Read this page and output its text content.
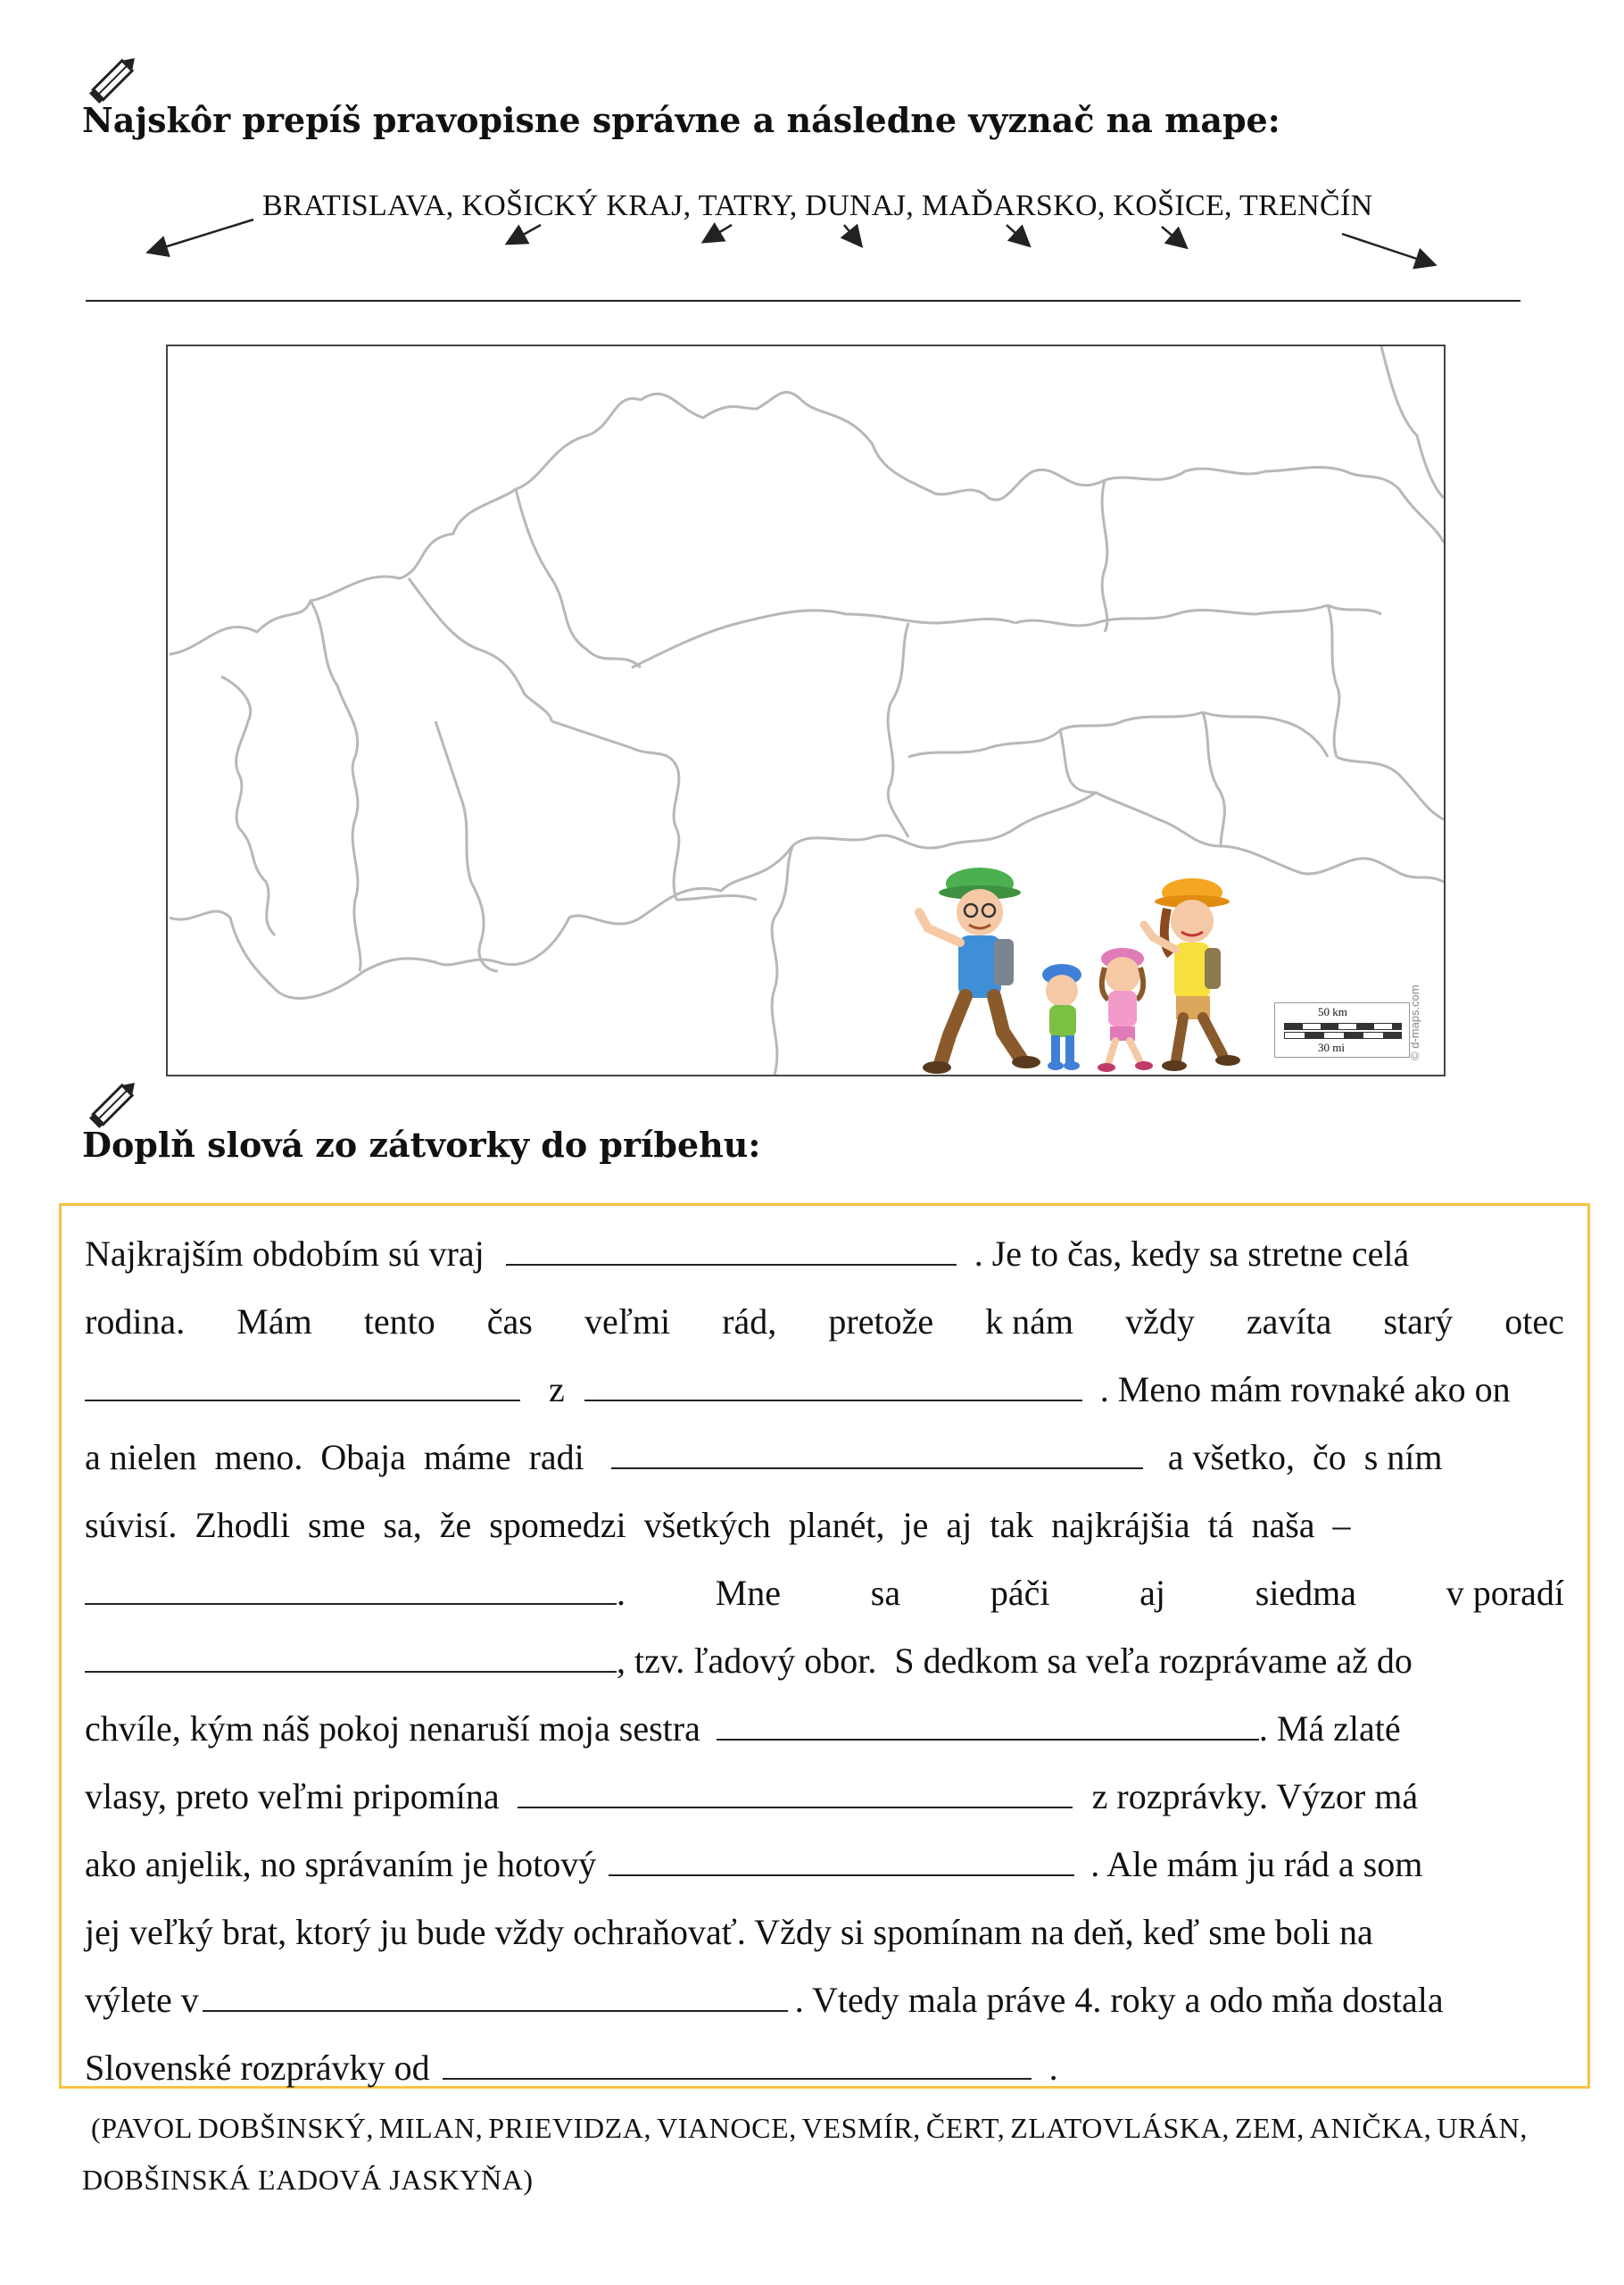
Najskôr prepíš pravopisne správne a následne vyznač na mape:
BRATISLAVA, KOŠICKÝ KRAJ, TATRY, DUNAJ, MAĎARSKO, KOŠICE, TRENČÍN
50 km
30 mi	© d-maps.com
Doplň slová zo zátvorky do príbehu:
Najkrajším obdobím sú vraj	. Je to čas, kedy sa stretne celá
rodina. Mám tento čas veľmi rád, pretože k nám vždy zavíta starý otec
z	. Meno mám rovnaké ako on
a nielen  meno.  Obaja  máme  radi	a všetko,  čo  s ním
súvisí.  Zhodli  sme  sa,  že  spomedzi  všetkých  planét,  je  aj  tak  najkrájšia  tá  naša  –
.	Mne	sa	páči	aj	siedma	v poradí
, tzv. ľadový obor.  S dedkom sa veľa rozprávame až do
chvíle, kým náš pokoj nenaruší moja sestra	. Má zlaté
vlasy, preto veľmi pripomína	z rozprávky. Výzor má
ako anjelik, no správaním je hotový	. Ale mám ju rád a som
jej veľký brat, ktorý ju bude vždy ochraňovať. Vždy si spomínam na deň, keď sme boli na
výlete v	. Vtedy mala práve 4. roky a odo mňa dostala
Slovenské rozprávky od	.
(PAVOL DOBŠINSKÝ, MILAN, PRIEVIDZA, VIANOCE, VESMÍR, ČERT, ZLATOVLÁSKA, ZEM, ANIČKA, URÁN,
DOBŠINSKÁ ĽADOVÁ JASKYŇA)
